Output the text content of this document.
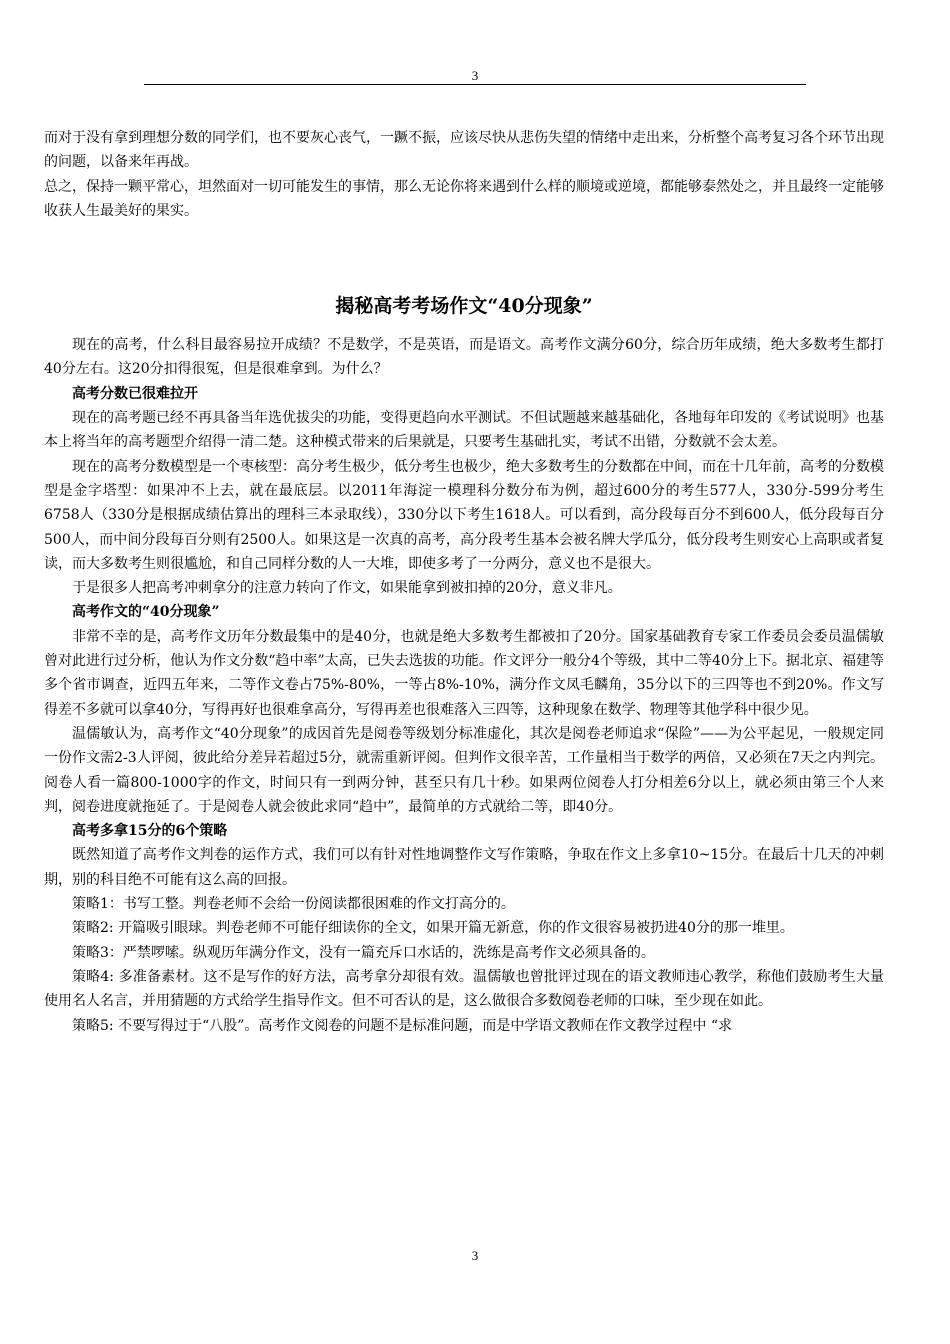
3

而对于没有拿到理想分数的同学们，也不要灰心丧气，一蹶不振，应该尽快从悲伤失望的情绪中走出来，分析整个高考复习各个环节出现的问题，以备来年再战。

总之，保持一颗平常心，坦然面对一切可能发生的事情，那么无论你将来遇到什么样的顺境或逆境，都能够泰然处之，并且最终一定能够收获人生最美好的果实。

揭秘高考考场作文“40分现象”

现在的高考，什么科目最容易拉开成绩？不是数学，不是英语，而是语文。高考作文满分60分，综合历年成绩，绝大多数考生都打40分左右。这20分扣得很冤，但是很难拿到。为什么？

高考分数已很难拉开

现在的高考题已经不再具备当年选优拔尖的功能，变得更趋向水平测试。不但试题越来越基础化，各地每年印发的《考试说明》也基本上将当年的高考题型介绍得一清二楚。这种模式带来的后果就是，只要考生基础扎实，考试不出错，分数就不会太差。

现在的高考分数模型是一个枣核型：高分考生极少，低分考生也极少，绝大多数考生的分数都在中间，而在十几年前，高考的分数模型是金字塔型：如果冲不上去，就在最底层。以2011年海淀一模理科分数分布为例，超过600分的考生577人，330分-599分考生6758人（330分是根据成绩估算出的理科三本录取线），330分以下考生1618人。可以看到，高分段每百分不到600人，低分段每百分500人，而中间分段每百分则有2500人。如果这是一次真的高考，高分段考生基本会被名牌大学瓜分，低分段考生则安心上高职或者复读，而大多数考生则很尴尬，和自己同样分数的人一大堆，即使多考了一分两分，意义也不是很大。

于是很多人把高考冲刺拿分的注意力转向了作文，如果能拿到被扣掉的20分，意义非凡。

高考作文的“40分现象”

非常不幸的是，高考作文历年分数最集中的是40分，也就是绝大多数考生都被扣了20分。国家基础教育专家工作委员会委员温儒敏曾对此进行过分析，他认为作文分数“趋中率”太高，已失去选拔的功能。作文评分一般分4个等级，其中二等40分上下。据北京、福建等多个省市调查，近四五年来，二等作文卷占75%-80%，一等占8%-10%，满分作文凤毛麟角，35分以下的三四等也不到20%。作文写得差不多就可以拿40分，写得再好也很难拿高分，写得再差也很难落入三四等，这种现象在数学、物理等其他学科中很少见。

温儒敏认为，高考作文“40分现象”的成因首先是阅卷等级划分标准虚化，其次是阅卷老师追求“保险”——为公平起见，一般规定同一份作文需2-3人评阅，彼此给分差异若超过5分，就需重新评阅。但判作文很辛苦，工作量相当于数学的两倍，又必须在7天之内判完。阅卷人看一篇800-1000字的作文，时间只有一到两分钟，甚至只有几十秒。如果两位阅卷人打分相差6分以上，就必须由第三个人来判，阅卷进度就拖延了。于是阅卷人就会彼此求同“趋中”，最简单的方式就给二等，即40分。

高考多拿15分的6个策略

既然知道了高考作文判卷的运作方式，我们可以有针对性地调整作文写作策略，争取在作文上多拿10~15分。在最后十几天的冲刺期，别的科目绝不可能有这么高的回报。

策略1：书写工整。判卷老师不会给一份阅读都很困难的作文打高分的。

策略2: 开篇吸引眼球。判卷老师不可能仔细读你的全文，如果开篇无新意，你的作文很容易被扔进40分的那一堆里。

策略3：严禁啰嗦。纵观历年满分作文，没有一篇充斥口水话的，洗练是高考作文必须具备的。

策略4: 多准备素材。这不是写作的好方法，高考拿分却很有效。温儒敏也曾批评过现在的语文教师违心教学，称他们鼓励考生大量使用名人名言，并用猜题的方式给学生指导作文。但不可否认的是，这么做很合多数阅卷老师的口味，至少现在如此。

策略5: 不要写得过于“八股”。高考作文阅卷的问题不是标准问题，而是中学语文教师在作文教学过程中 “求

3
